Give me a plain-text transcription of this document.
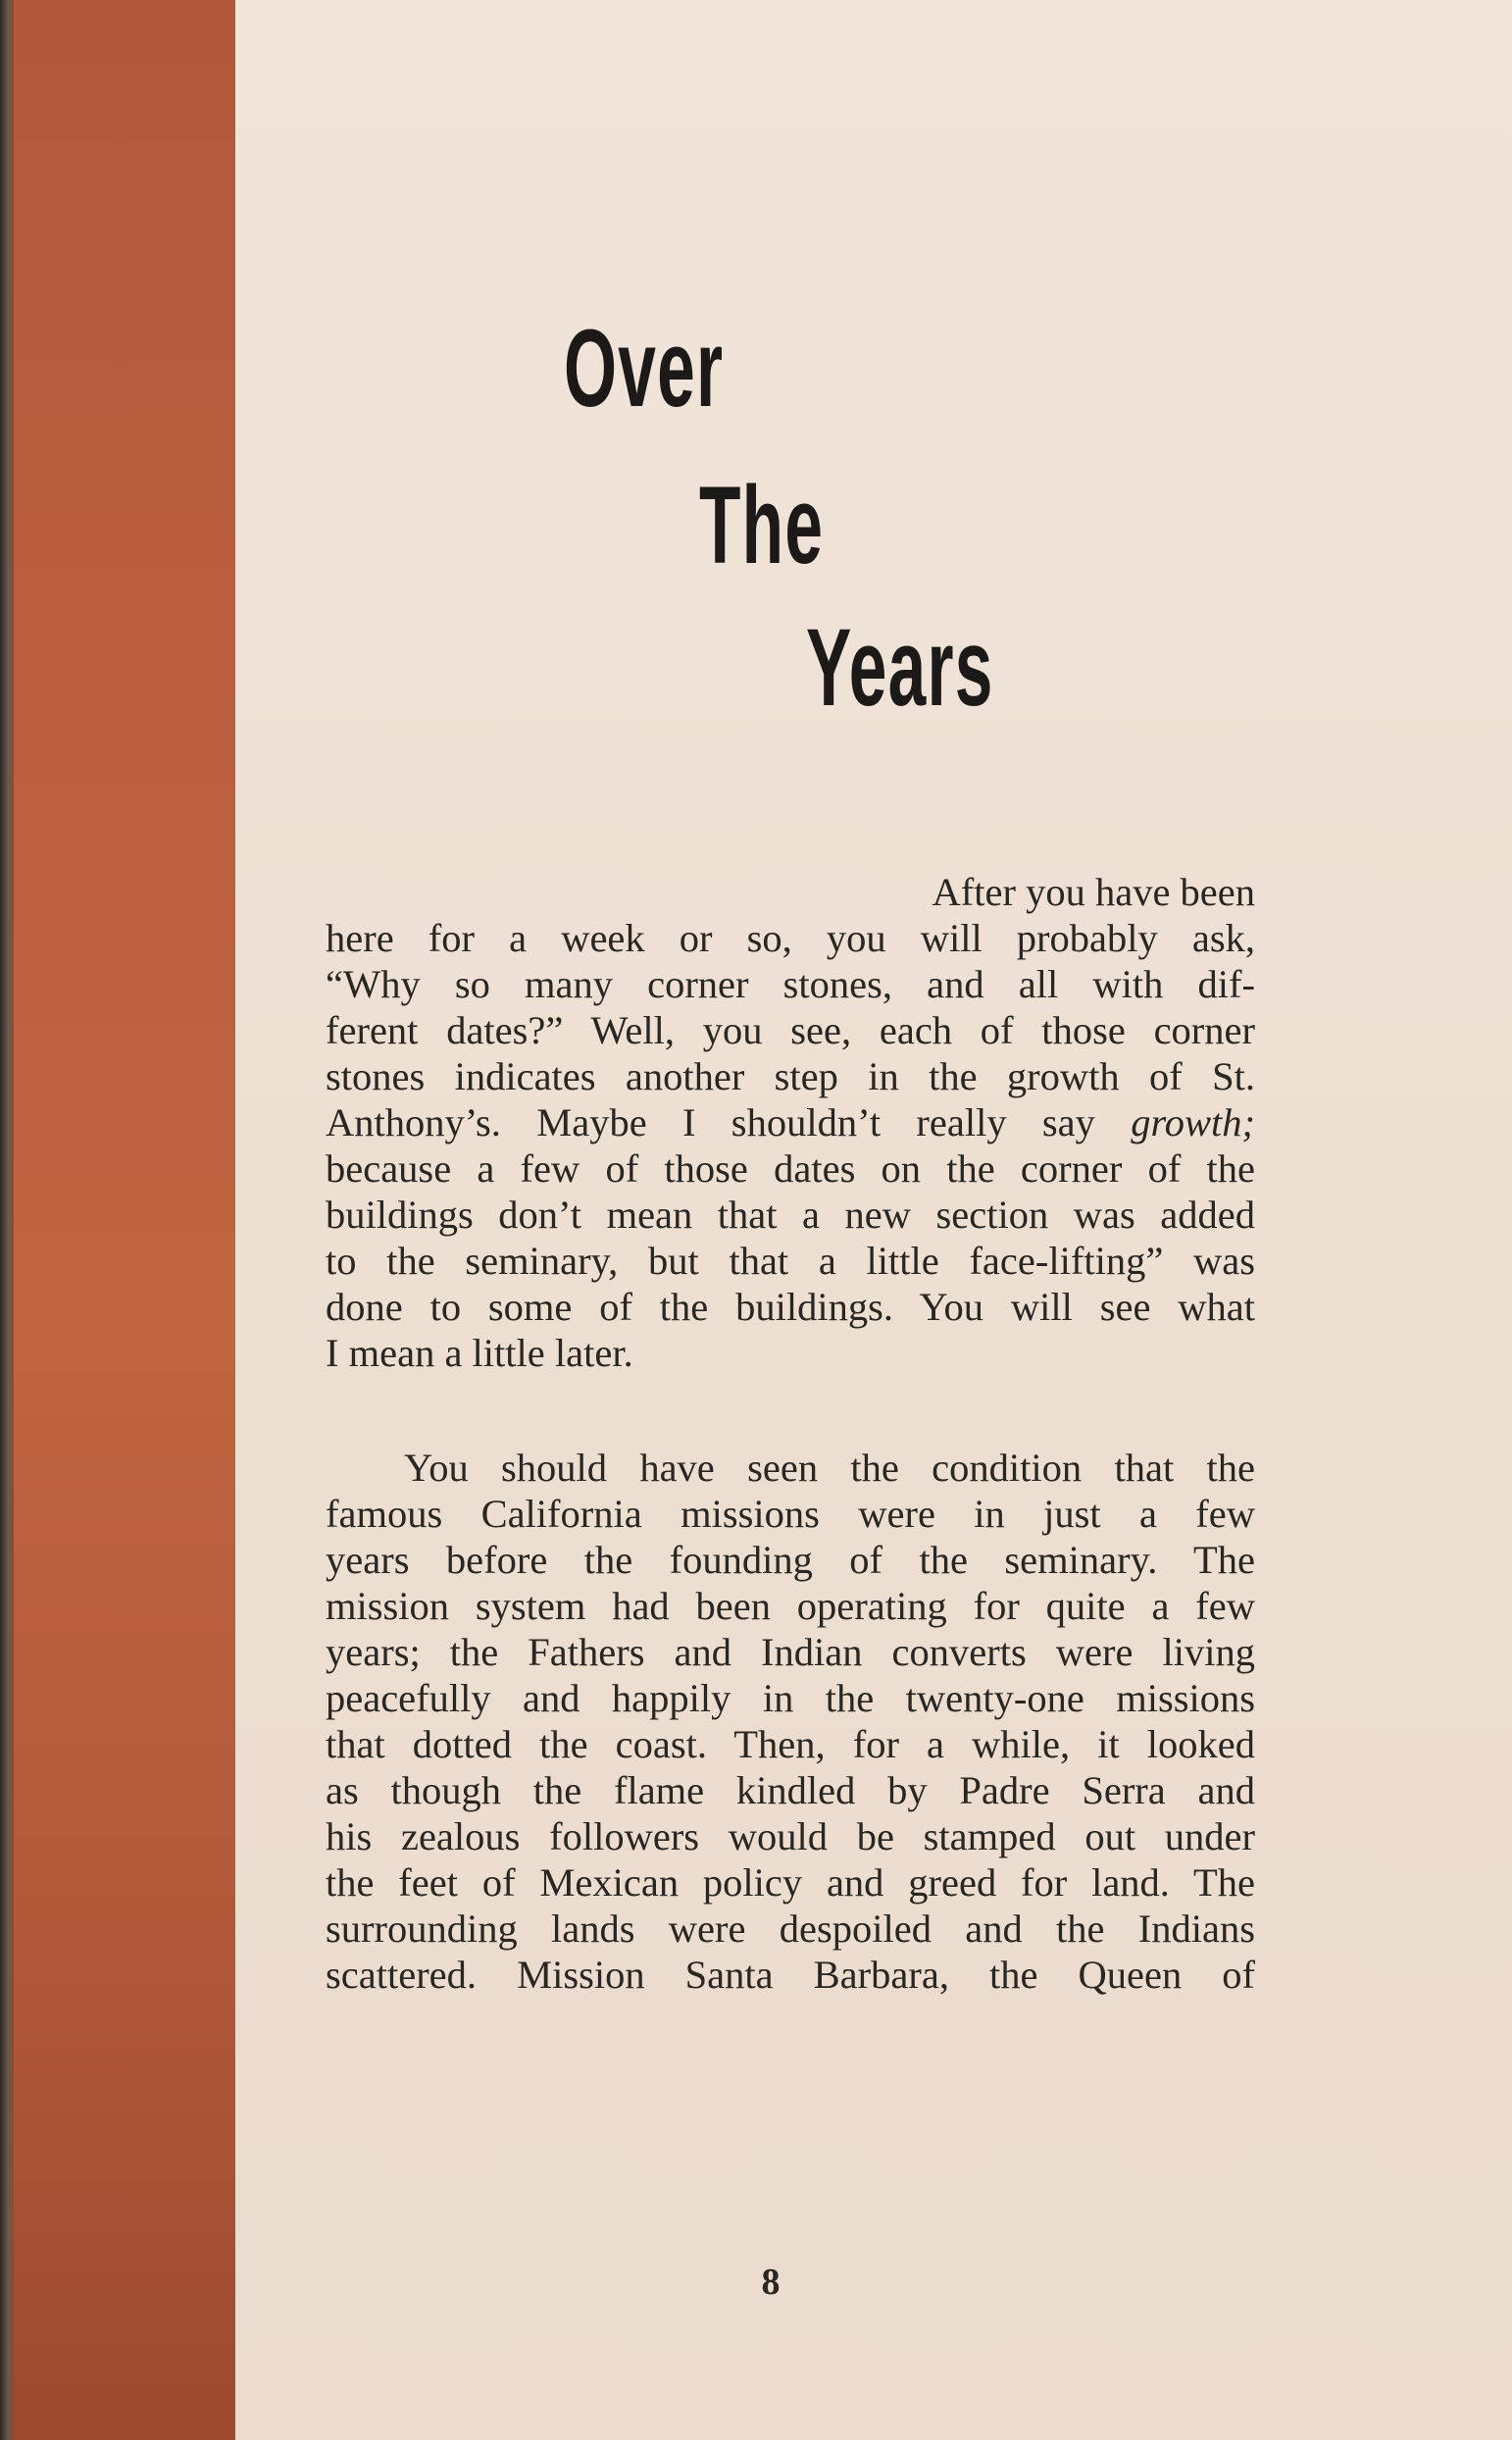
Over
The
Years
After you have been
here for a week or so, you will probably ask,
“Why so many corner stones, and all with dif-
ferent dates?” Well, you see, each of those corner
stones indicates another step in the growth of St.
Anthony’s. Maybe I shouldn’t really say growth;
because a few of those dates on the corner of the
buildings don’t mean that a new section was added
to the seminary, but that a little face-lifting” was
done to some of the buildings. You will see what
I mean a little later.
You should have seen the condition that the
famous California missions were in just a few
years before the founding of the seminary. The
mission system had been operating for quite a few
years; the Fathers and Indian converts were living
peacefully and happily in the twenty-one missions
that dotted the coast. Then, for a while, it looked
as though the flame kindled by Padre Serra and
his zealous followers would be stamped out under
the feet of Mexican policy and greed for land. The
surrounding lands were despoiled and the Indians
scattered. Mission Santa Barbara, the Queen of
8
